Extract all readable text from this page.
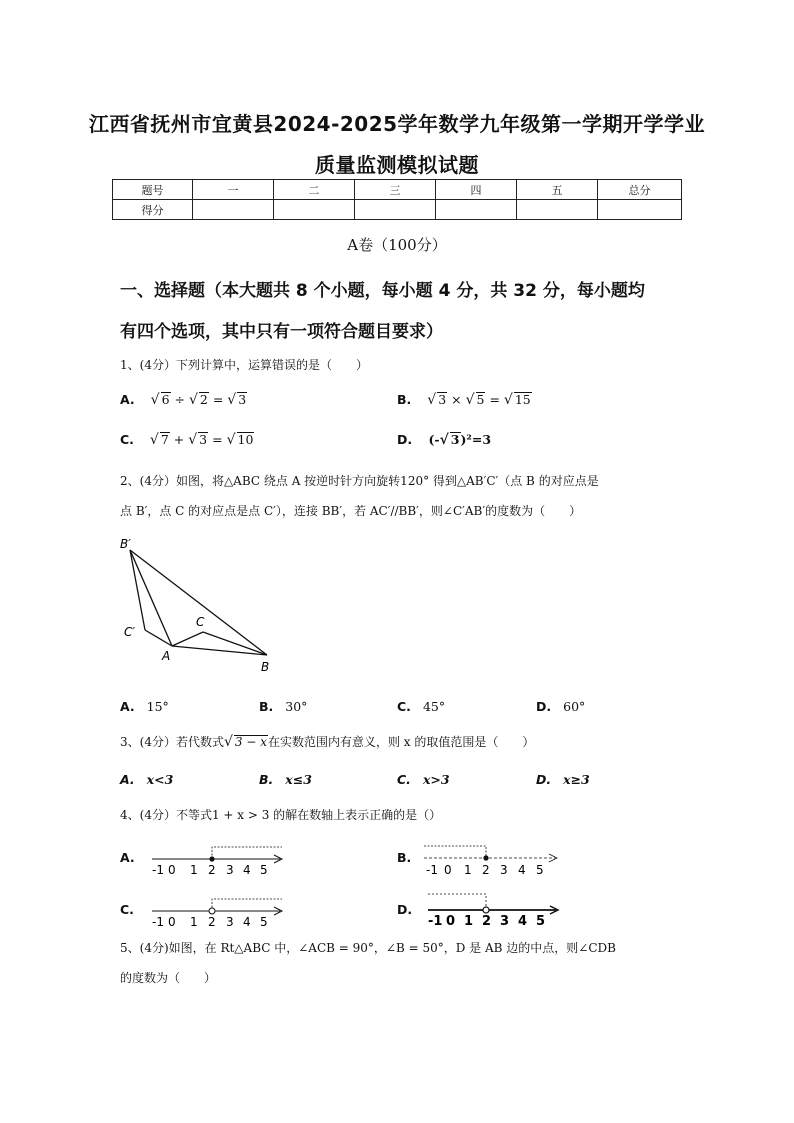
江西省抚州市宜黄县2024-2025学年数学九年级第一学期开学学业
质量监测模拟试题
题号	一	二	三	四	五	总分
得分						
A卷（100分）
一、选择题（本大题共 8 个小题，每小题 4 分，共 32 分，每小题均
有四个选项，其中只有一项符合题目要求）
1、(4分）下列计算中，运算错误的是（　　）
A. √ 6 ÷ √ 2 = √ 3	B. √ 3 × √ 5 = √ 15
C. √ 7 + √ 3 = √ 10	D. (-√ 3)²=3
2、(4分）如图，将△ABC 绕点 A 按逆时针方向旋转120° 得到△AB′C′（点 B 的对应点是
点 B′，点 C 的对应点是点 C′），连接 BB′，若 AC′//BB′，则∠C′AB′的度数为（　　）
B′
C′
C
A
B
A. 15°	B. 30°	C. 45°	D. 60°
3、(4分）若代数式√ 3 − x在实数范围内有意义，则 x 的取值范围是（　　）
A. x<3	B. x≤3	C. x>3	D. x≥3
4、(4分）不等式1 + x > 3 的解在数轴上表示正确的是（）
A.	B.
C.	D.
-1 0 1 2 3 4 5	-1 0 1 2 3 4 5
-1 0 1 2 3 4 5	-1 0 1 2 3 4 5
5、(4分)如图，在 Rt△ABC 中，∠ACB = 90°，∠B = 50°，D 是 AB 边的中点，则∠CDB
的度数为（　　）
